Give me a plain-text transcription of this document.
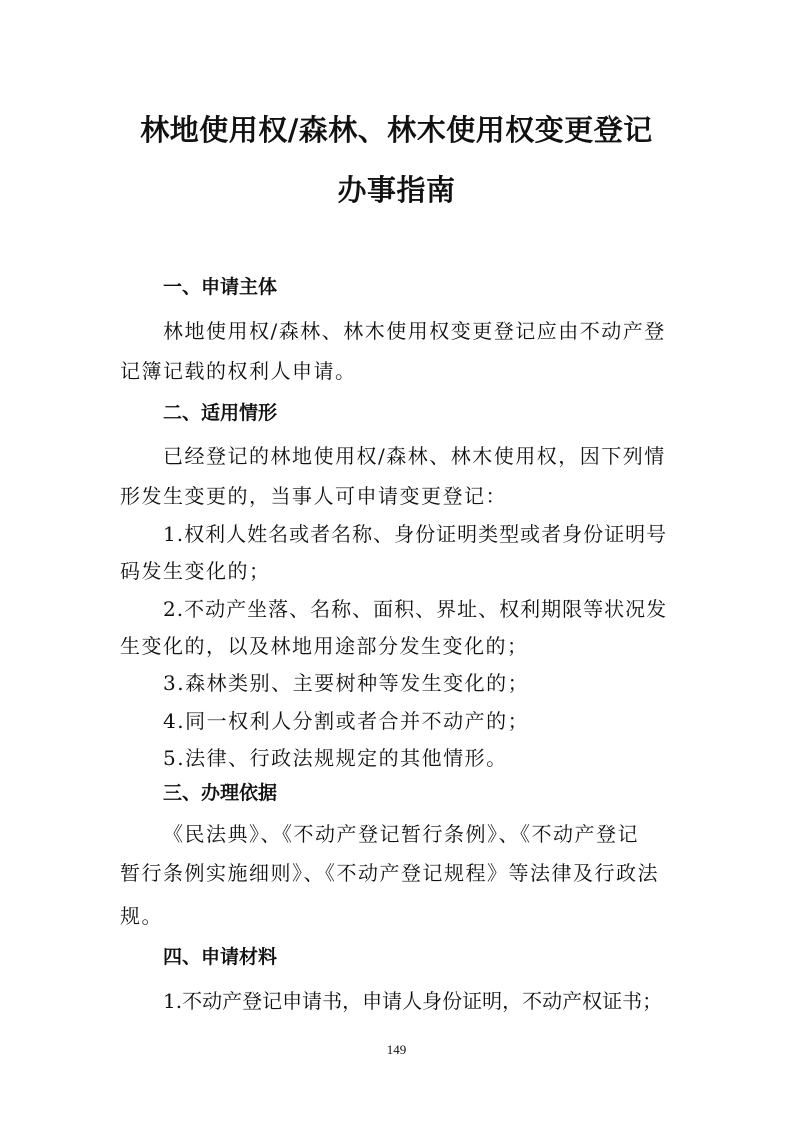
林地使用权/森林、林木使用权变更登记
办事指南
一、申请主体
林地使用权/森林、林木使用权变更登记应由不动产登
记簿记载的权利人申请。
二、适用情形
已经登记的林地使用权/森林、林木使用权，因下列情
形发生变更的，当事人可申请变更登记：
1.权利人姓名或者名称、身份证明类型或者身份证明号
码发生变化的；
2.不动产坐落、名称、面积、界址、权利期限等状况发
生变化的，以及林地用途部分发生变化的；
3.森林类别、主要树种等发生变化的；
4.同一权利人分割或者合并不动产的；
5.法律、行政法规规定的其他情形。
三、办理依据
《民法典》、《不动产登记暂行条例》、《不动产登记
暂行条例实施细则》、《不动产登记规程》等法律及行政法
规。
四、申请材料
1.不动产登记申请书，申请人身份证明，不动产权证书；
149
